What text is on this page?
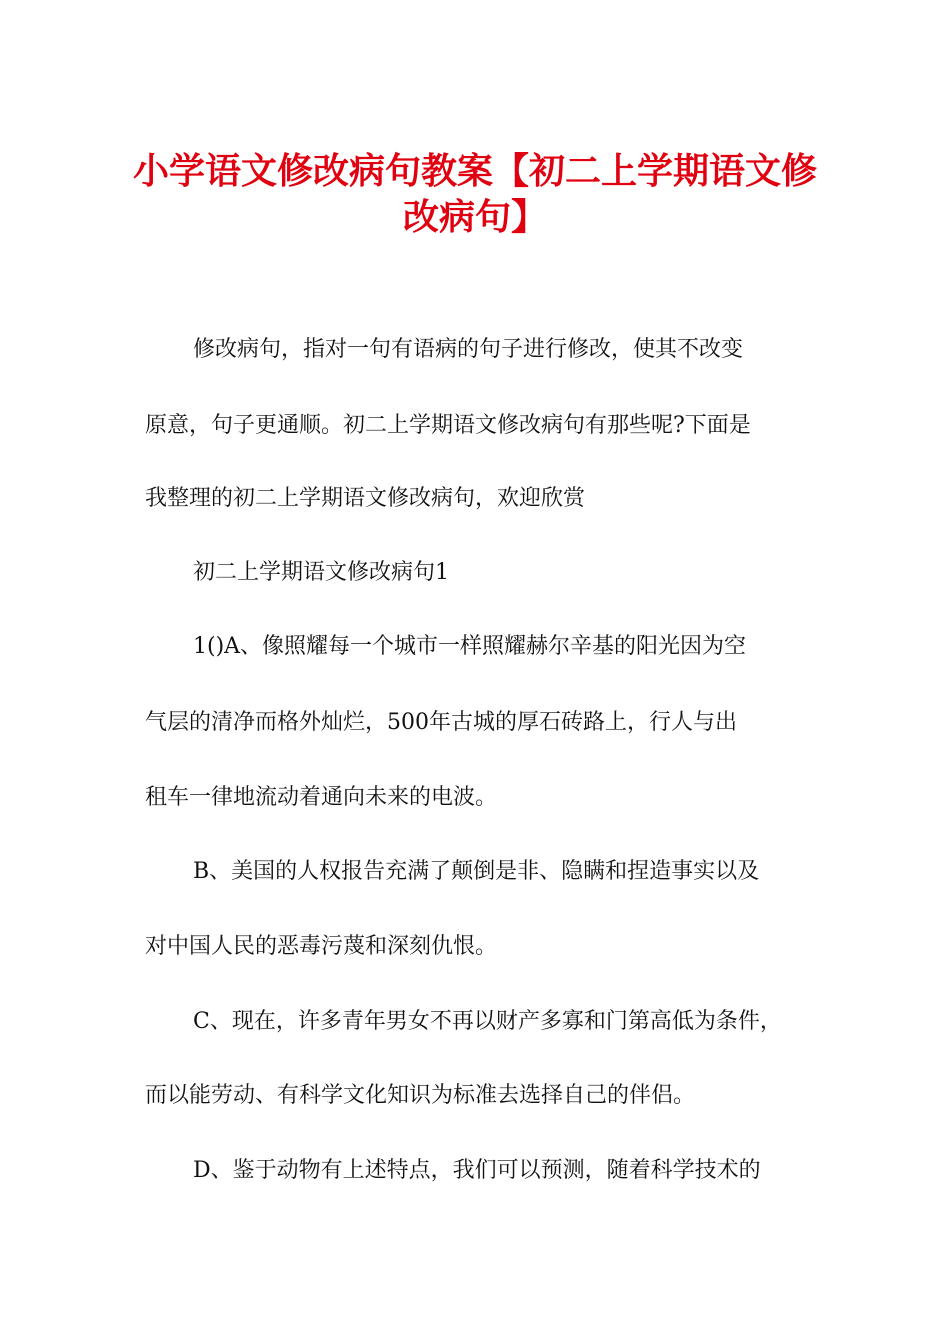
小学语文修改病句教案【初二上学期语文修
改病句】

修改病句，指对一句有语病的句子进行修改，使其不改变

原意，句子更通顺。初二上学期语文修改病句有那些呢?下面是

我整理的初二上学期语文修改病句，欢迎欣赏

初二上学期语文修改病句1

1()A、像照耀每一个城市一样照耀赫尔辛基的阳光因为空

气层的清净而格外灿烂，500年古城的厚石砖路上，行人与出

租车一律地流动着通向未来的电波。

B、美国的人权报告充满了颠倒是非、隐瞒和捏造事实以及

对中国人民的恶毒污蔑和深刻仇恨。

C、现在，许多青年男女不再以财产多寡和门第高低为条件，

而以能劳动、有科学文化知识为标准去选择自己的伴侣。

D、鉴于动物有上述特点，我们可以预测，随着科学技术的
